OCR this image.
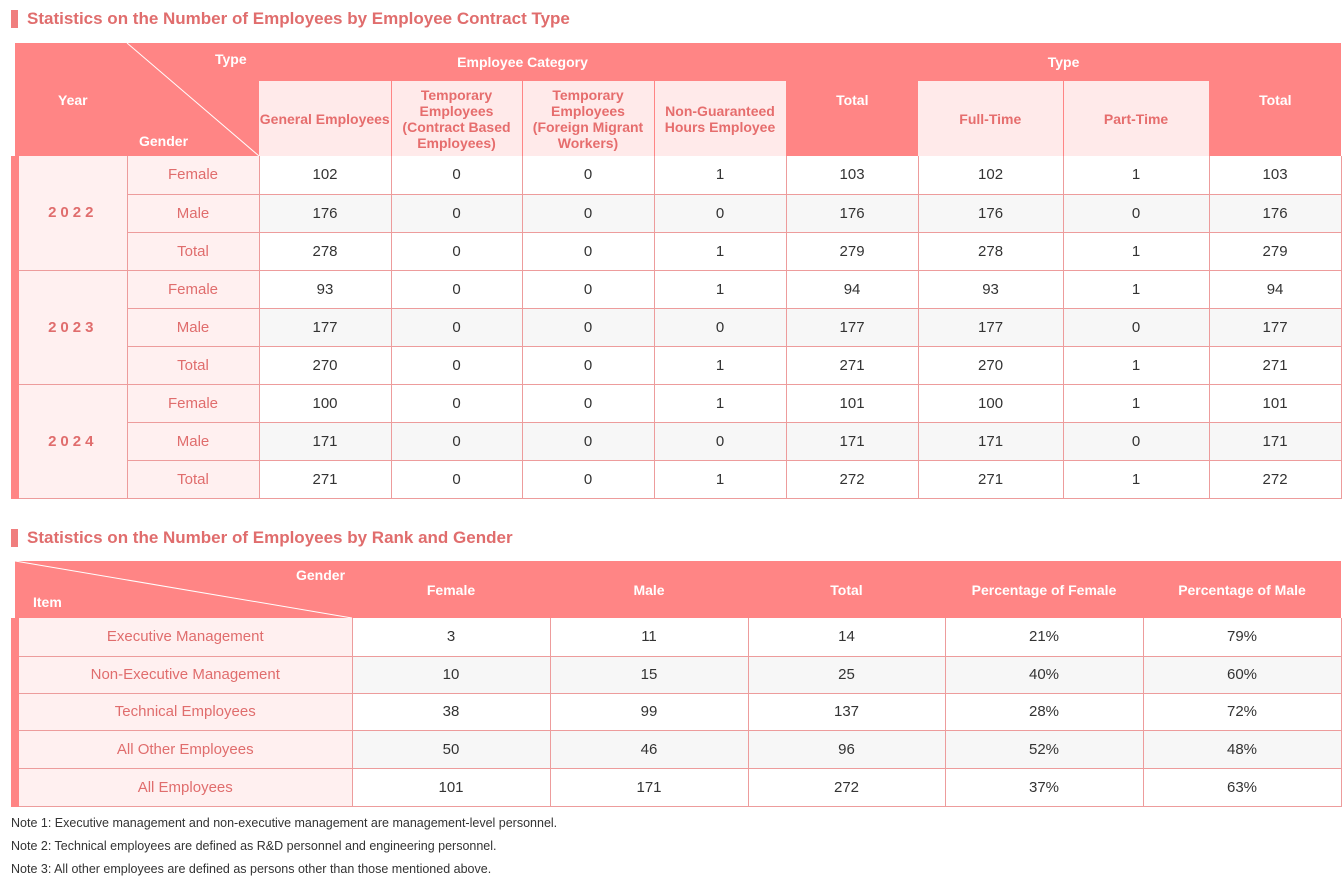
Statistics on the Number of Employees by Employee Contract Type
Type
Year
Gender		Employee Category				Total	Type		Total
		General Employees	Temporary Employees (Contract Based Employees)	Temporary Employees (Foreign Migrant Workers)	Non-Guaranteed Hours Employee		Full-Time	Part-Time	
2022	Female	102	0	0	1	103	102	1	103
	Male	176	0	0	0	176	176	0	176
	Total	278	0	0	1	279	278	1	279
2023	Female	93	0	0	1	94	93	1	94
	Male	177	0	0	0	177	177	0	177
	Total	270	0	0	1	271	270	1	271
2024	Female	100	0	0	1	101	100	1	101
	Male	171	0	0	0	171	171	0	171
	Total	271	0	0	1	272	271	1	272
Statistics on the Number of Employees by Rank and Gender
Gender
Item	Female	Male	Total	Percentage of Female	Percentage of Male
Executive Management	3	11	14	21%	79%
Non-Executive Management	10	15	25	40%	60%
Technical Employees	38	99	137	28%	72%
All Other Employees	50	46	96	52%	48%
All Employees	101	171	272	37%	63%
Note 1: Executive management and non-executive management are management-level personnel.
Note 2: Technical employees are defined as R&D personnel and engineering personnel.
Note 3: All other employees are defined as persons other than those mentioned above.
